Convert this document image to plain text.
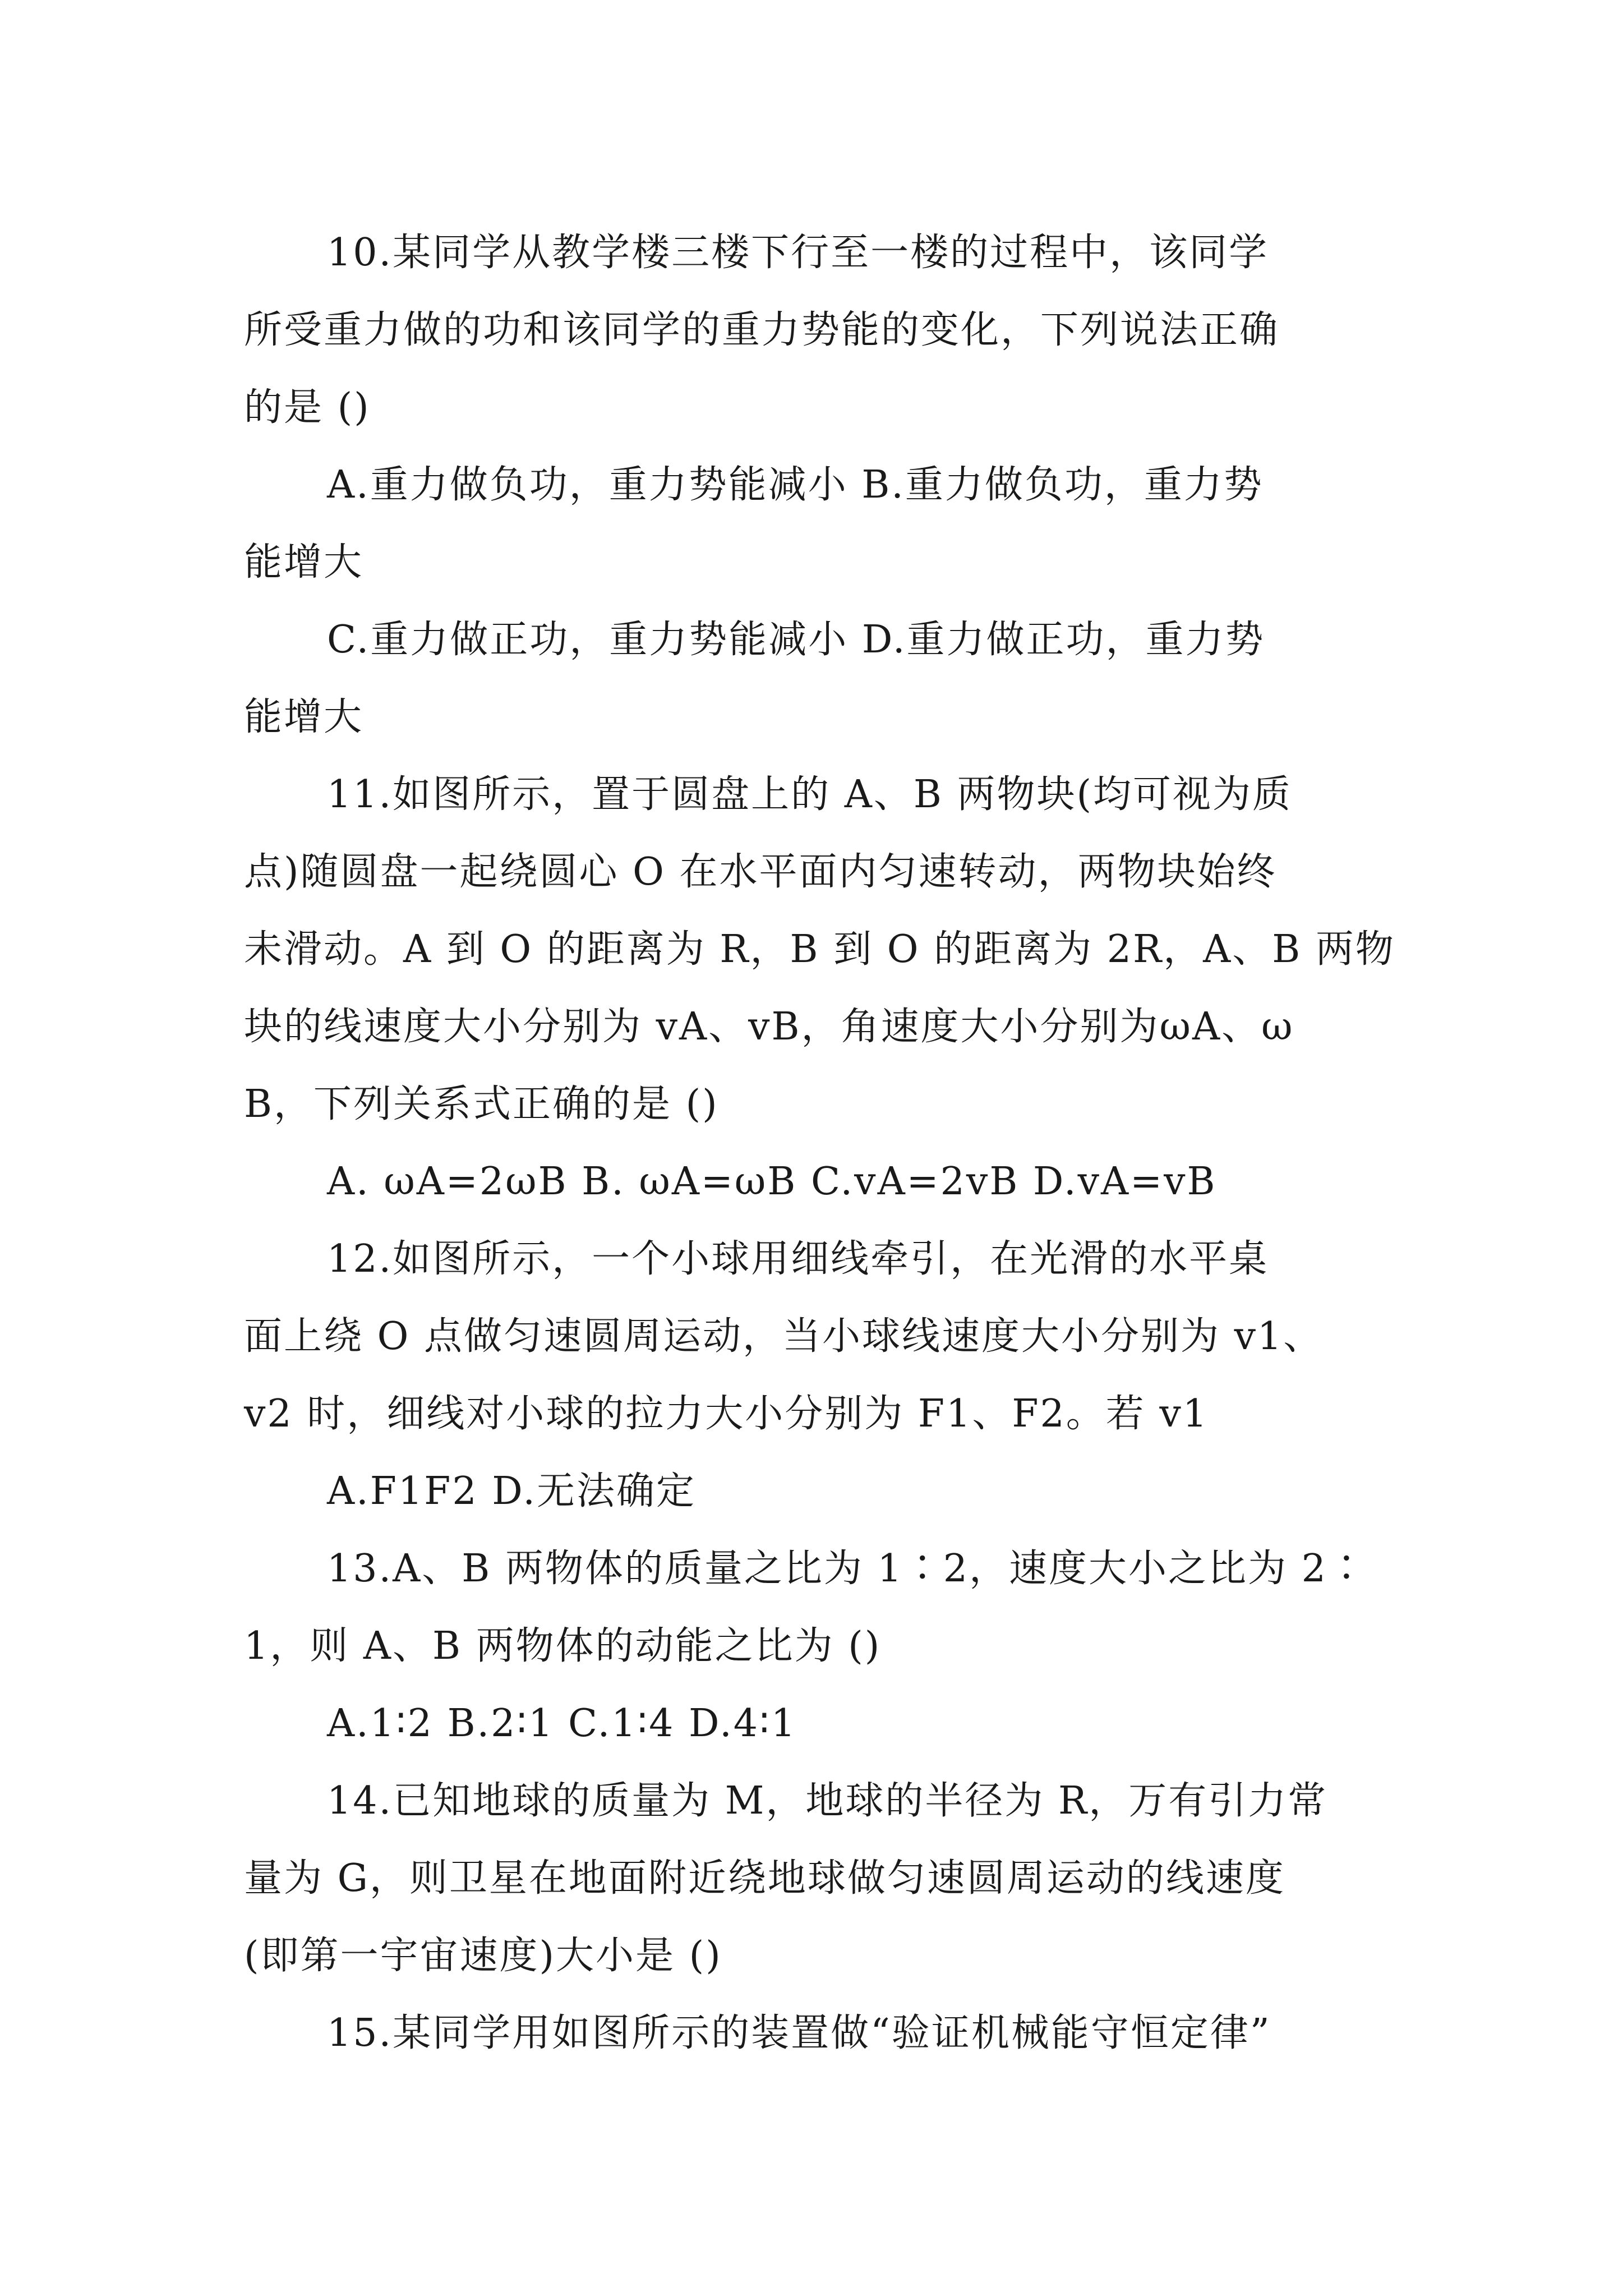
10.某同学从教学楼三楼下行至一楼的过程中，该同学
所受重力做的功和该同学的重力势能的变化，下列说法正确
的是 ()
A.重力做负功，重力势能减小 B.重力做负功，重力势
能增大
C.重力做正功，重力势能减小 D.重力做正功，重力势
能增大
11.如图所示，置于圆盘上的 A、B 两物块(均可视为质
点)随圆盘一起绕圆心 O 在水平面内匀速转动，两物块始终
未滑动。A 到 O 的距离为 R，B 到 O 的距离为 2R，A、B 两物
块的线速度大小分别为 vA、vB，角速度大小分别为ωA、ω
B，下列关系式正确的是 ()
A. ωA=2ωB B. ωA=ωB C.vA=2vB D.vA=vB
12.如图所示，一个小球用细线牵引，在光滑的水平桌
面上绕 O 点做匀速圆周运动，当小球线速度大小分别为 v1、
v2 时，细线对小球的拉力大小分别为 F1、F2。若 v1
A.F1F2 D.无法确定
13.A、B 两物体的质量之比为 1∶2，速度大小之比为 2∶
1，则 A、B 两物体的动能之比为 ()
A.1∶2 B.2∶1 C.1∶4 D.4∶1
14.已知地球的质量为 M，地球的半径为 R，万有引力常
量为 G，则卫星在地面附近绕地球做匀速圆周运动的线速度
(即第一宇宙速度)大小是 ()
15.某同学用如图所示的装置做“验证机械能守恒定律”
